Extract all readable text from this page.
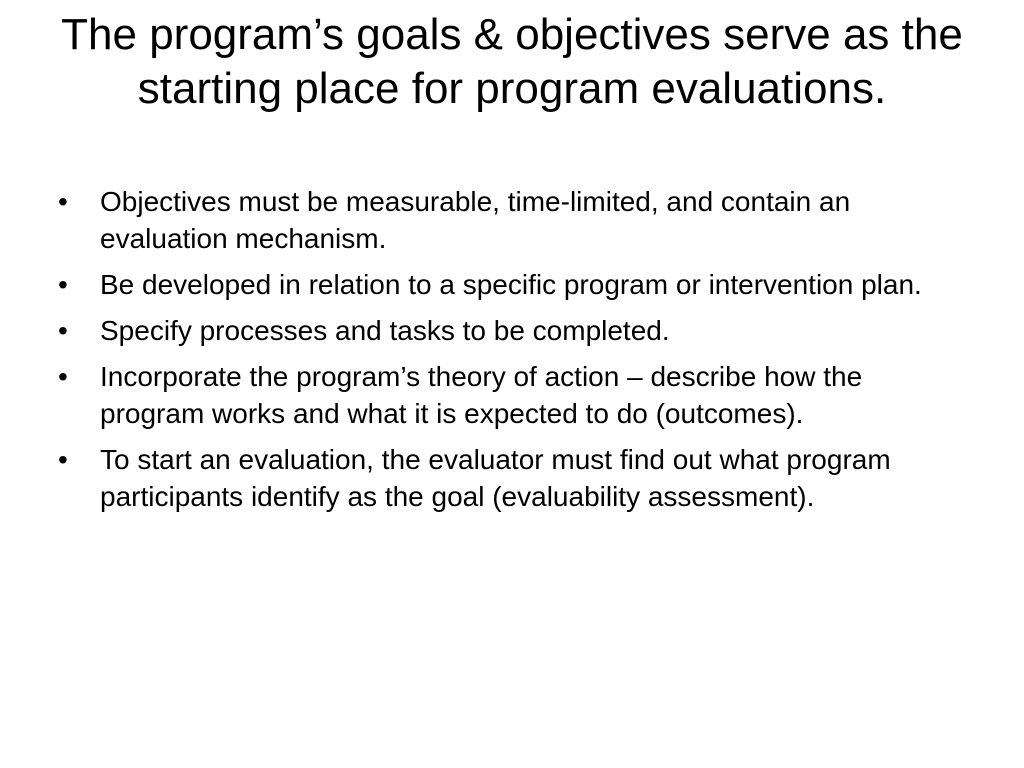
The program’s goals & objectives serve as the starting place for program evaluations.
•	Objectives must be measurable, time-limited, and contain an evaluation mechanism.
•	Be developed in relation to a specific program or intervention plan.
•	Specify processes and tasks to be completed.
•	Incorporate the program’s theory of action – describe how the program works and what it is expected to do (outcomes).
•	To start an evaluation, the evaluator must find out what program participants identify as the goal (evaluability assessment).
